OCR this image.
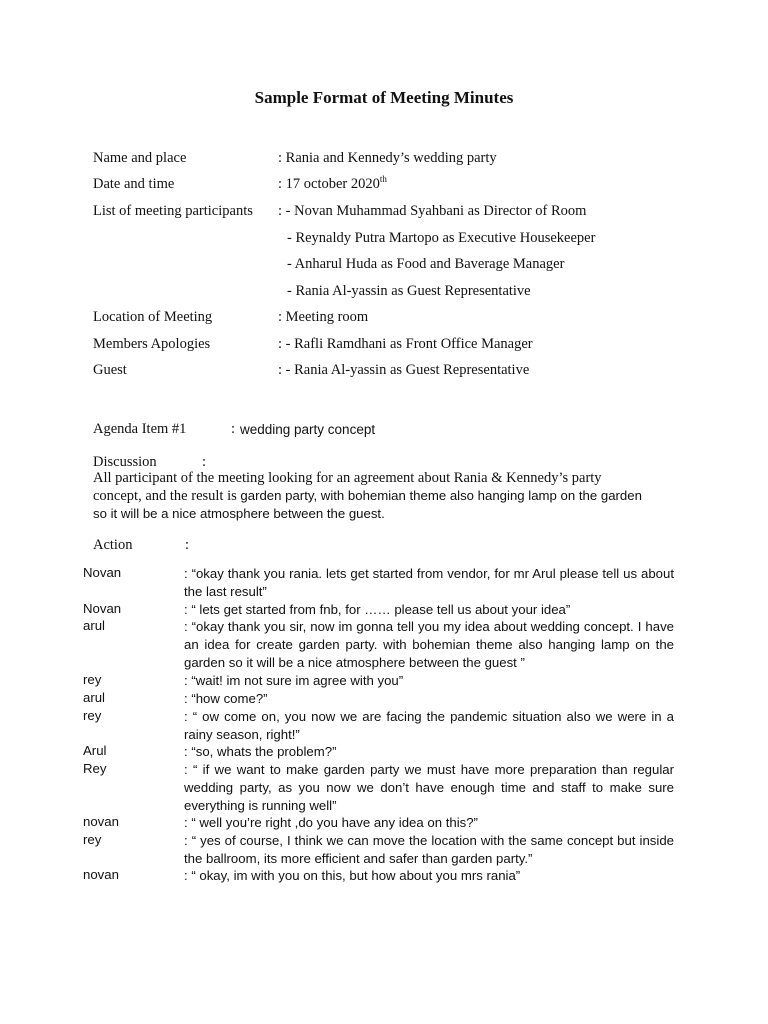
Sample Format of Meeting Minutes
Name and place	: Rania and Kennedy’s wedding party
Date and time	: 17 october 2020th
List of meeting participants : - Novan Muhammad Syahbani as Director of Room
- Reynaldy Putra Martopo as Executive Housekeeper
- Anharul Huda as Food and Baverage Manager
- Rania Al-yassin as Guest Representative
Location of Meeting	: Meeting room
Members Apologies	: - Rafli Ramdhani as Front Office Manager
Guest	: - Rania Al-yassin as Guest Representative
Agenda Item #1	: wedding party concept
Discussion	:
All participant of the meeting looking for an agreement about Rania & Kennedy’s party concept, and the result is garden party, with bohemian theme also hanging lamp on the garden so it will be a nice atmosphere between the guest.
Action	:
Novan	: “okay thank you rania. lets get started from vendor, for mr Arul please tell us about the last result”
Novan	: “ lets get started from fnb, for …… please tell us about your idea”
arul	: “okay thank you sir, now im gonna tell you my idea about wedding concept. I have an idea for create garden party. with bohemian theme also hanging lamp on the garden so it will be a nice atmosphere between the guest ”
rey	: “wait! im not sure im agree with you”
arul	: “how come?”
rey	: “ ow come on, you now we are facing the pandemic situation also we were in a rainy season, right!”
Arul	: “so, whats the problem?”
Rey	: “ if we want to make garden party we must have more preparation than regular wedding party, as you now we don’t have enough time and staff to make sure everything is running well”
novan	: “ well you’re right ,do you have any idea on this?”
rey	: “ yes of course, I think we can move the location with the same concept but inside the ballroom, its more efficient and safer than garden party.”
novan	: “ okay, im with you on this, but how about you mrs rania”
